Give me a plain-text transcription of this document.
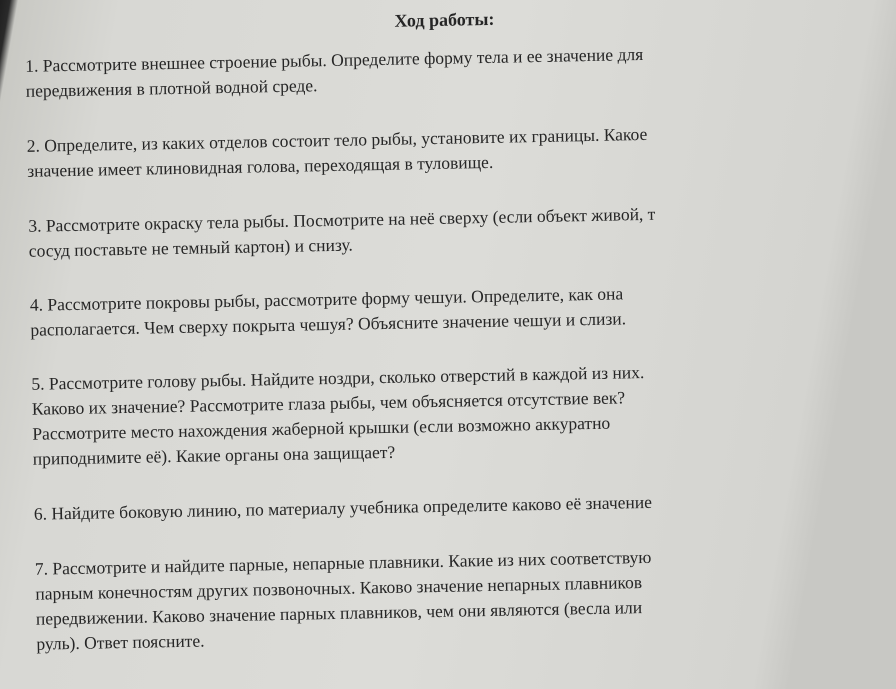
Ход работы:
1. Рассмотрите внешнее строение рыбы. Определите форму тела и ее значение для
передвижения в плотной водной среде.
2. Определите, из каких отделов состоит тело рыбы, установите их границы. Какое
значение имеет клиновидная голова, переходящая в туловище.
3. Рассмотрите окраску тела рыбы. Посмотрите на неё сверху (если объект живой, т
сосуд поставьте не темный картон) и снизу.
4. Рассмотрите покровы рыбы, рассмотрите форму чешуи. Определите, как она
располагается. Чем сверху покрыта чешуя? Объясните значение чешуи и слизи.
5. Рассмотрите голову рыбы. Найдите ноздри, сколько отверстий в каждой из них.
Каково их значение? Рассмотрите глаза рыбы, чем объясняется отсутствие век?
Рассмотрите место нахождения жаберной крышки (если возможно аккуратно
приподнимите её). Какие органы она защищает?
6. Найдите боковую линию, по материалу учебника определите каково её значение
7. Рассмотрите и найдите парные, непарные плавники. Какие из них соответствую
парным конечностям других позвоночных. Каково значение непарных плавников
передвижении. Каково значение парных плавников, чем они являются (весла или
руль). Ответ поясните.
